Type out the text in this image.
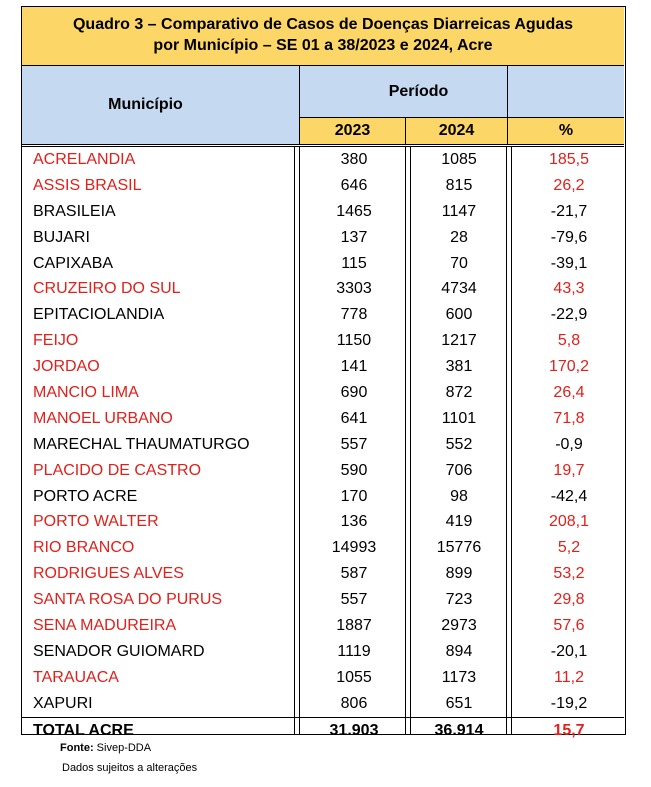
Quadro 3 – Comparativo de Casos de Doenças Diarreicas Agudas
por Município – SE 01 a 38/2023 e 2024, Acre
Município
Período
2023	2024	%
ACRELANDIA	380	1085	185,5
ASSIS BRASIL	646	815	26,2
BRASILEIA	1465	1147	-21,7
BUJARI	137	28	-79,6
CAPIXABA	115	70	-39,1
CRUZEIRO DO SUL	3303	4734	43,3
EPITACIOLANDIA	778	600	-22,9
FEIJO	1150	1217	5,8
JORDAO	141	381	170,2
MANCIO LIMA	690	872	26,4
MANOEL URBANO	641	1101	71,8
MARECHAL THAUMATURGO	557	552	-0,9
PLACIDO DE CASTRO	590	706	19,7
PORTO ACRE	170	98	-42,4
PORTO WALTER	136	419	208,1
RIO BRANCO	14993	15776	5,2
RODRIGUES ALVES	587	899	53,2
SANTA ROSA DO PURUS	557	723	29,8
SENA MADUREIRA	1887	2973	57,6
SENADOR GUIOMARD	1119	894	-20,1
TARAUACA	1055	1173	11,2
XAPURI	806	651	-19,2
TOTAL ACRE	31.903	36.914	15,7
Fonte: Sivep-DDA
Dados sujeitos a alterações
